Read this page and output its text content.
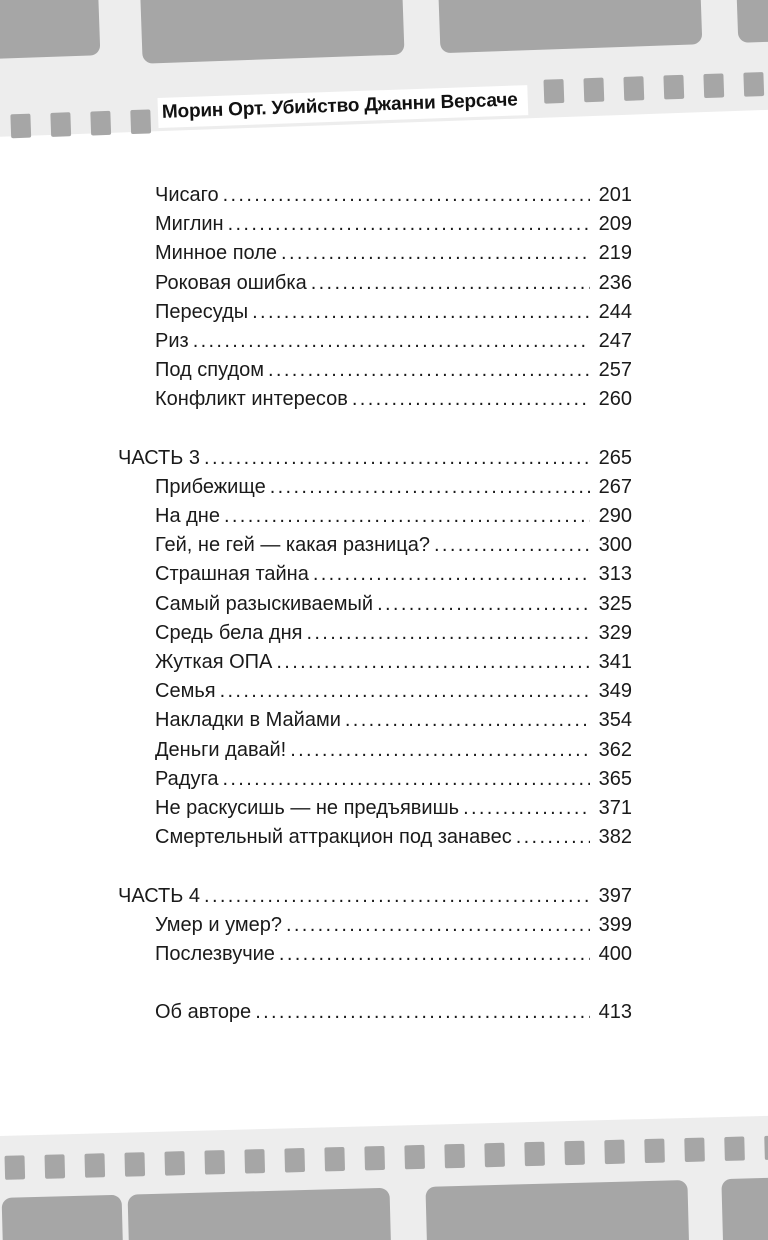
Морин Орт. Убийство Джанни Версаче
Чисаго . . .	201
Миглин . . .	209
Минное поле . . .	219
Роковая ошибка . . .	236
Пересуды . . .	244
Риз . . .	247
Под спудом . . .	257
Конфликт интересов . . .	260
ЧАСТЬ 3 . . .	265
Прибежище . . .	267
На дне . . .	290
Гей, не гей — какая разница? . . .	300
Страшная тайна . . .	313
Самый разыскиваемый . . .	325
Средь бела дня . . .	329
Жуткая ОПА . . .	341
Семья . . .	349
Накладки в Майами . . .	354
Деньги давай! . . .	362
Радуга . . .	365
Не раскусишь — не предъявишь . . .	371
Смертельный аттракцион под занавес . . .	382
ЧАСТЬ 4 . . .	397
Умер и умер? . . .	399
Послезвучие . . .	400
Об авторе . . .	413
